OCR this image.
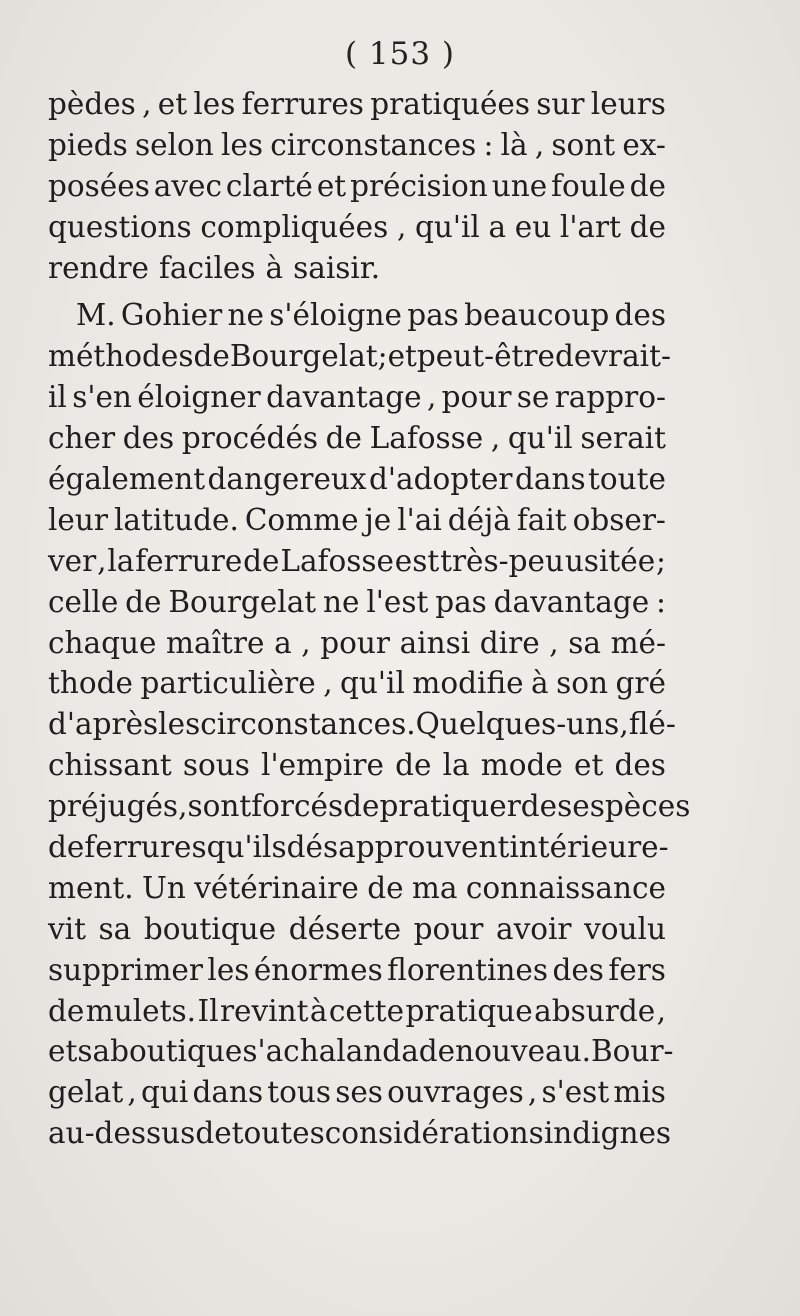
( 153 )
pèdes , et les ferrures pratiquées sur leurs
pieds selon les circonstances : là , sont ex-
posées avec clarté et précision une foule de
questions compliquées , qu'il a eu l'art de
rendre faciles à saisir.
M. Gohier ne s'éloigne pas beaucoup des
méthodes de Bourgelat ; et peut-être devrait-
il s'en éloigner davantage , pour se rappro-
cher des procédés de Lafosse , qu'il serait
également dangereux d'adopter dans toute
leur latitude. Comme je l'ai déjà fait obser-
ver , la ferrure de Lafosse est très-peu usitée ;
celle de Bourgelat ne l'est pas davantage :
chaque maître a , pour ainsi dire , sa mé-
thode particulière , qu'il modifie à son gré
d'après les circonstances. Quelques-uns , flé-
chissant sous l'empire de la mode et des
préjugés , sont forcés de pratiquer des espèces
de ferrures qu'ils désapprouvent intérieure-
ment. Un vétérinaire de ma connaissance
vit sa boutique déserte pour avoir voulu
supprimer les énormes florentines des fers
de mulets. Il revint à cette pratique absurde ,
et sa boutique s'achalanda de nouveau. Bour-
gelat , qui dans tous ses ouvrages , s'est mis
au-dessus de toutes considérations indignes
